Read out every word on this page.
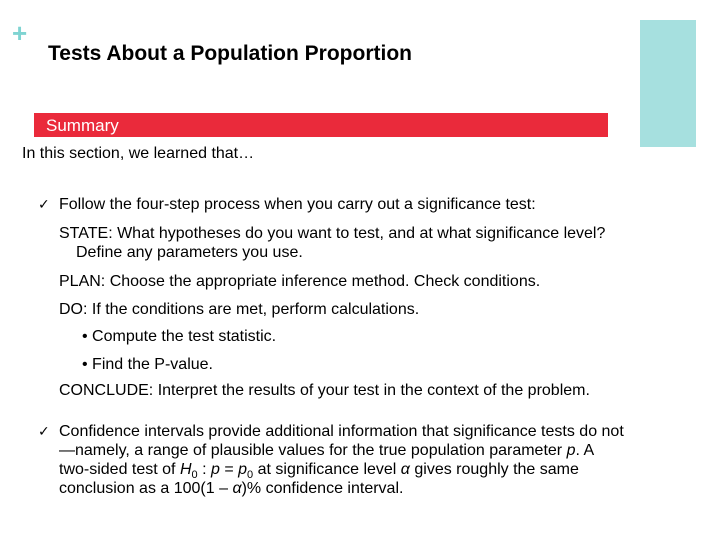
+
Tests About a Population Proportion
Summary
In this section, we learned that…
✓ Follow the four-step process when you carry out a significance test:
STATE: What hypotheses do you want to test, and at what significance level?
Define any parameters you use.
PLAN: Choose the appropriate inference method. Check conditions.
DO: If the conditions are met, perform calculations.
• Compute the test statistic.
• Find the P-value.
CONCLUDE: Interpret the results of your test in the context of the problem.
✓ Confidence intervals provide additional information that significance tests do not
—namely, a range of plausible values for the true population parameter p. A
two-sided test of $H_0$ : $p = p_0$ at significance level α gives roughly the same
conclusion as a 100(1 – α)% confidence interval.
